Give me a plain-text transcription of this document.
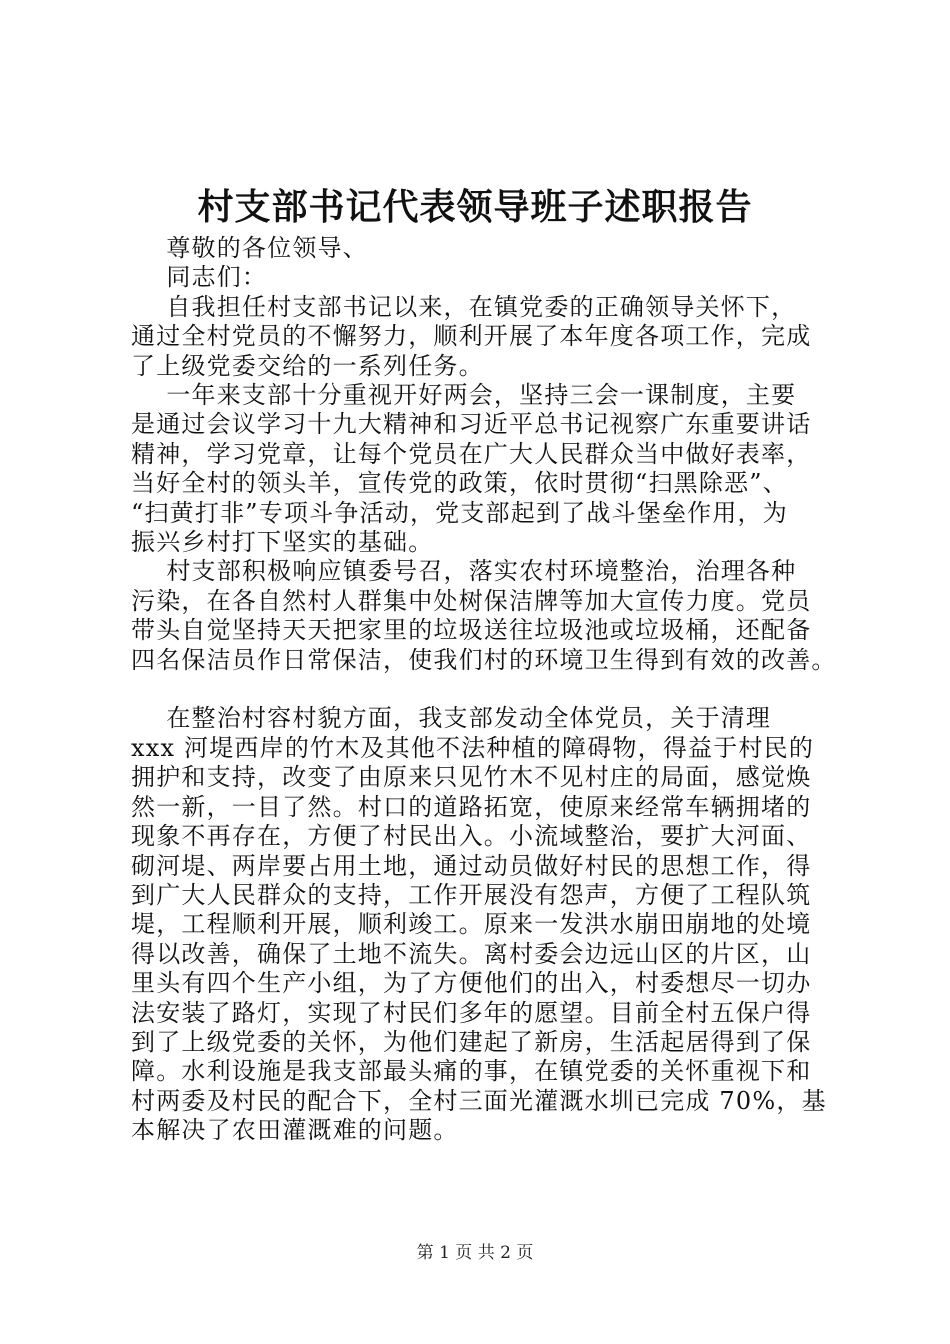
村支部书记代表领导班子述职报告
尊敬的各位领导、
同志们：
自我担任村支部书记以来，在镇党委的正确领导关怀下，
通过全村党员的不懈努力，顺利开展了本年度各项工作，完成
了上级党委交给的一系列任务。
一年来支部十分重视开好两会，坚持三会一课制度，主要
是通过会议学习十九大精神和习近平总书记视察广东重要讲话
精神，学习党章，让每个党员在广大人民群众当中做好表率，
当好全村的领头羊，宣传党的政策，依时贯彻“扫黑除恶”、
“扫黄打非”专项斗争活动，党支部起到了战斗堡垒作用，为
振兴乡村打下坚实的基础。
村支部积极响应镇委号召，落实农村环境整治，治理各种
污染，在各自然村人群集中处树保洁牌等加大宣传力度。党员
带头自觉坚持天天把家里的垃圾送往垃圾池或垃圾桶，还配备
四名保洁员作日常保洁，使我们村的环境卫生得到有效的改善。
在整治村容村貌方面，我支部发动全体党员，关于清理
xxx 河堤西岸的竹木及其他不法种植的障碍物，得益于村民的
拥护和支持，改变了由原来只见竹木不见村庄的局面，感觉焕
然一新，一目了然。村口的道路拓宽，使原来经常车辆拥堵的
现象不再存在，方便了村民出入。小流域整治，要扩大河面、
砌河堤、两岸要占用土地，通过动员做好村民的思想工作，得
到广大人民群众的支持，工作开展没有怨声，方便了工程队筑
堤，工程顺利开展，顺利竣工。原来一发洪水崩田崩地的处境
得以改善，确保了土地不流失。离村委会边远山区的片区，山
里头有四个生产小组，为了方便他们的出入，村委想尽一切办
法安装了路灯，实现了村民们多年的愿望。目前全村五保户得
到了上级党委的关怀，为他们建起了新房，生活起居得到了保
障。水利设施是我支部最头痛的事，在镇党委的关怀重视下和
村两委及村民的配合下，全村三面光灌溉水圳已完成 70%，基
本解决了农田灌溉难的问题。
第 1 页 共 2 页
